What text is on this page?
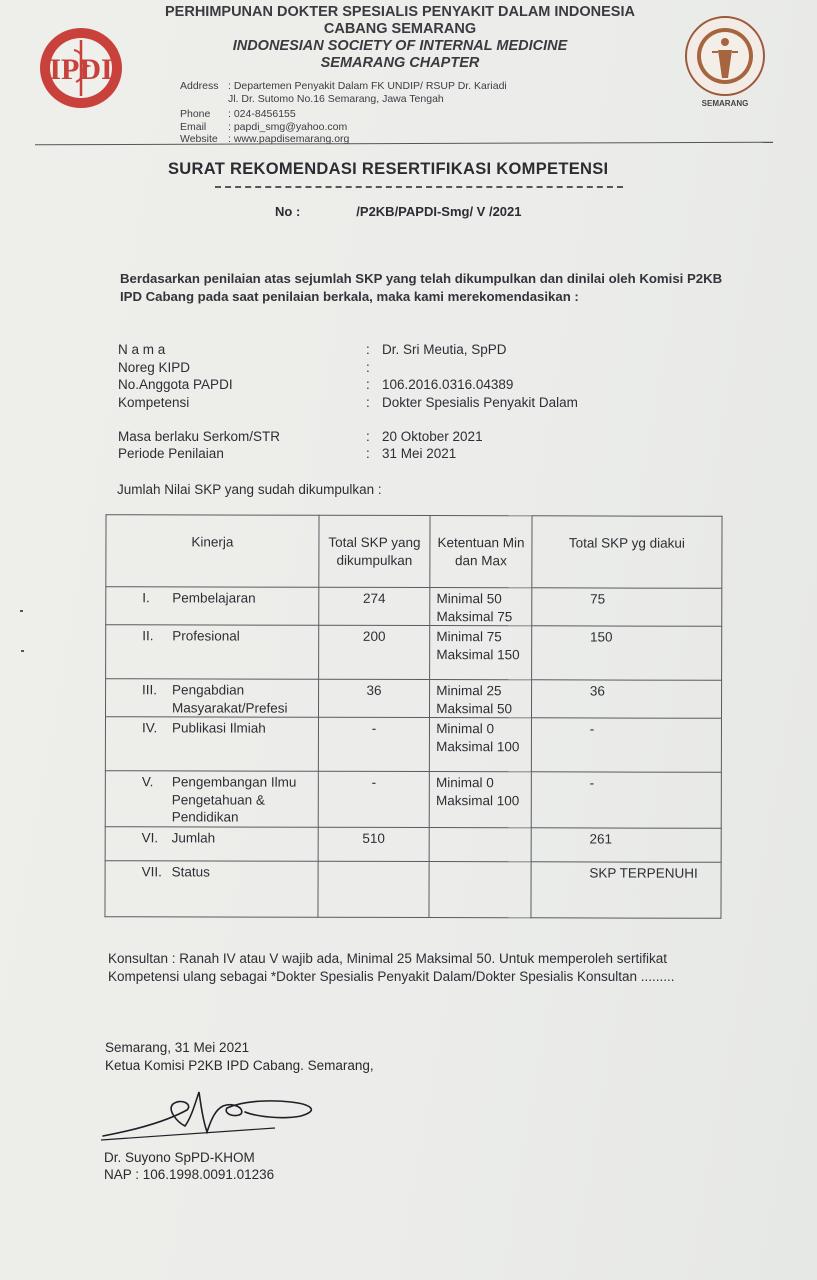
IPDI
PERHIMPUNAN DOKTER SPESIALIS PENYAKIT DALAM INDONESIA
CABANG SEMARANG
INDONESIAN SOCIETY OF INTERNAL MEDICINE
SEMARANG CHAPTER
SEMARANG
Address : Departemen Penyakit Dalam FK UNDIP/ RSUP Dr. Kariadi
Jl. Dr. Sutomo No.16 Semarang, Jawa Tengah
Phone	: 024-8456155
Email	: papdi_smg@yahoo.com
Website : www.papdisemarang.org
SURAT REKOMENDASI RESERTIFIKASI KOMPETENSI
No :	/P2KB/PAPDI-Smg/ V /2021
Berdasarkan penilaian atas sejumlah SKP yang telah dikumpulkan dan dinilai oleh Komisi P2KB IPD Cabang pada saat penilaian berkala, maka kami merekomendasikan :
N a m a	: Dr. Sri Meutia, SpPD
Noreg KIPD	:
No.Anggota PAPDI	: 106.2016.0316.04389
Kompetensi	: Dokter Spesialis Penyakit Dalam
Masa berlaku Serkom/STR	: 20 Oktober 2021
Periode Penilaian	: 31 Mei 2021
Jumlah Nilai SKP yang sudah dikumpulkan :
Kinerja	Total SKP yang dikumpulkan	Ketentuan Min dan Max	Total SKP yg diakui

I. Pembelajaran	274	Minimal 50 Maksimal 75	75

II. Profesional	200	Minimal 75 Maksimal 150	150

III. Pengabdian Masyarakat/Prefesi	36	Minimal 25 Maksimal 50	36

IV. Publikasi Ilmiah	-	Minimal 0 Maksimal 100	-

V. Pengembangan Ilmu Pengetahuan & Pendidikan	-	Minimal 0 Maksimal 100	-

VI. Jumlah	510		261

VII. Status			SKP TERPENUHI
Konsultan : Ranah IV atau V wajib ada, Minimal 25 Maksimal 50. Untuk memperoleh sertifikat Kompetensi ulang sebagai *Dokter Spesialis Penyakit Dalam/Dokter Spesialis Konsultan .........
Semarang, 31 Mei 2021
Ketua Komisi P2KB IPD Cabang. Semarang,
Dr. Suyono SpPD-KHOM
NAP : 106.1998.0091.01236
